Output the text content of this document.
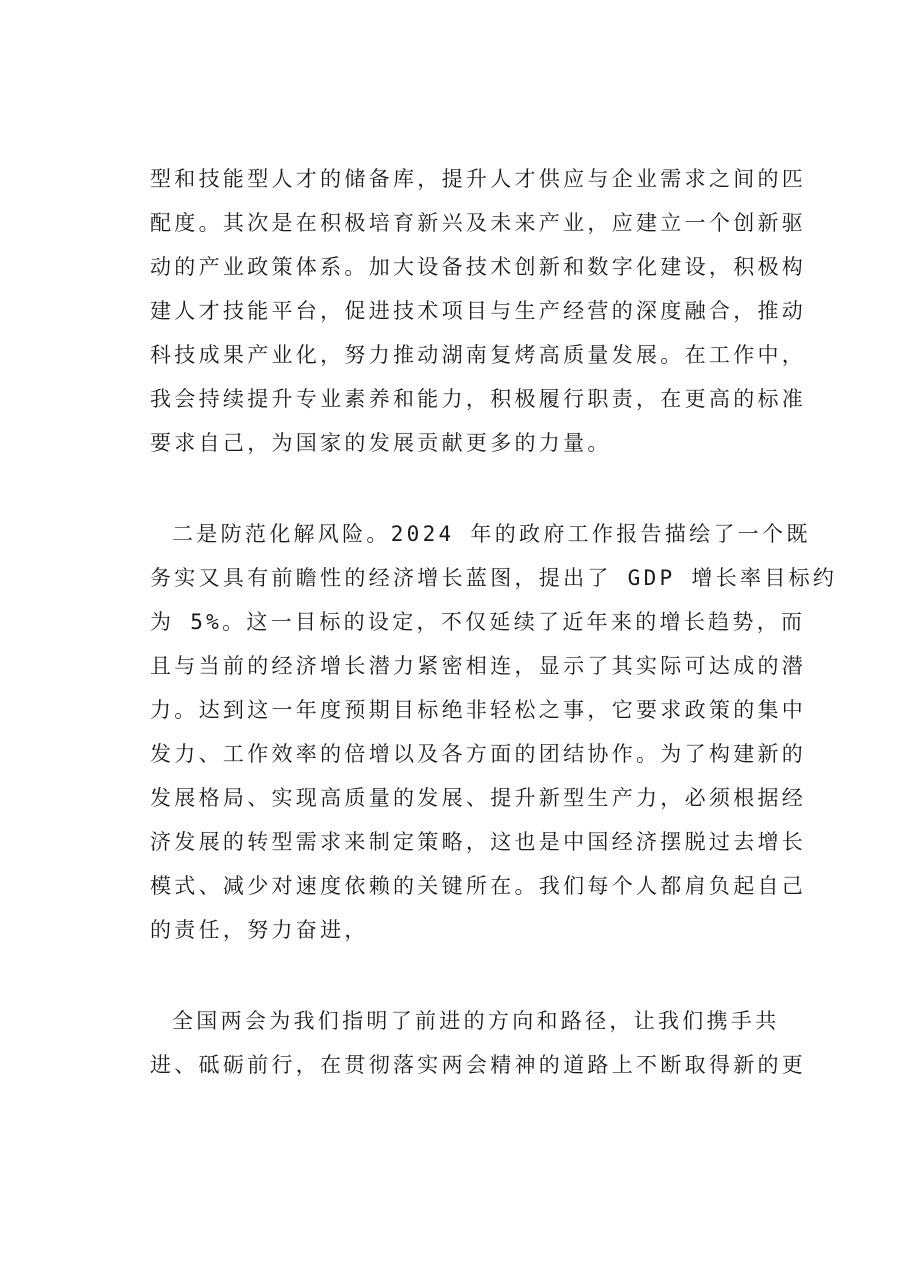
型和技能型人才的储备库，提升人才供应与企业需求之间的匹
配度。其次是在积极培育新兴及未来产业，应建立一个创新驱
动的产业政策体系。加大设备技术创新和数字化建设，积极构
建人才技能平台，促进技术项目与生产经营的深度融合，推动
科技成果产业化，努力推动湖南复烤高质量发展。在工作中，
我会持续提升专业素养和能力，积极履行职责，在更高的标准
要求自己，为国家的发展贡献更多的力量。
二是防范化解风险。2024 年的政府工作报告描绘了一个既
务实又具有前瞻性的经济增长蓝图，提出了 GDP 增长率目标约
为 5%。这一目标的设定，不仅延续了近年来的增长趋势，而
且与当前的经济增长潜力紧密相连，显示了其实际可达成的潜
力。达到这一年度预期目标绝非轻松之事，它要求政策的集中
发力、工作效率的倍增以及各方面的团结协作。为了构建新的
发展格局、实现高质量的发展、提升新型生产力，必须根据经
济发展的转型需求来制定策略，这也是中国经济摆脱过去增长
模式、减少对速度依赖的关键所在。我们每个人都肩负起自己
的责任，努力奋进，
全国两会为我们指明了前进的方向和路径，让我们携手共
进、砥砺前行，在贯彻落实两会精神的道路上不断取得新的更
